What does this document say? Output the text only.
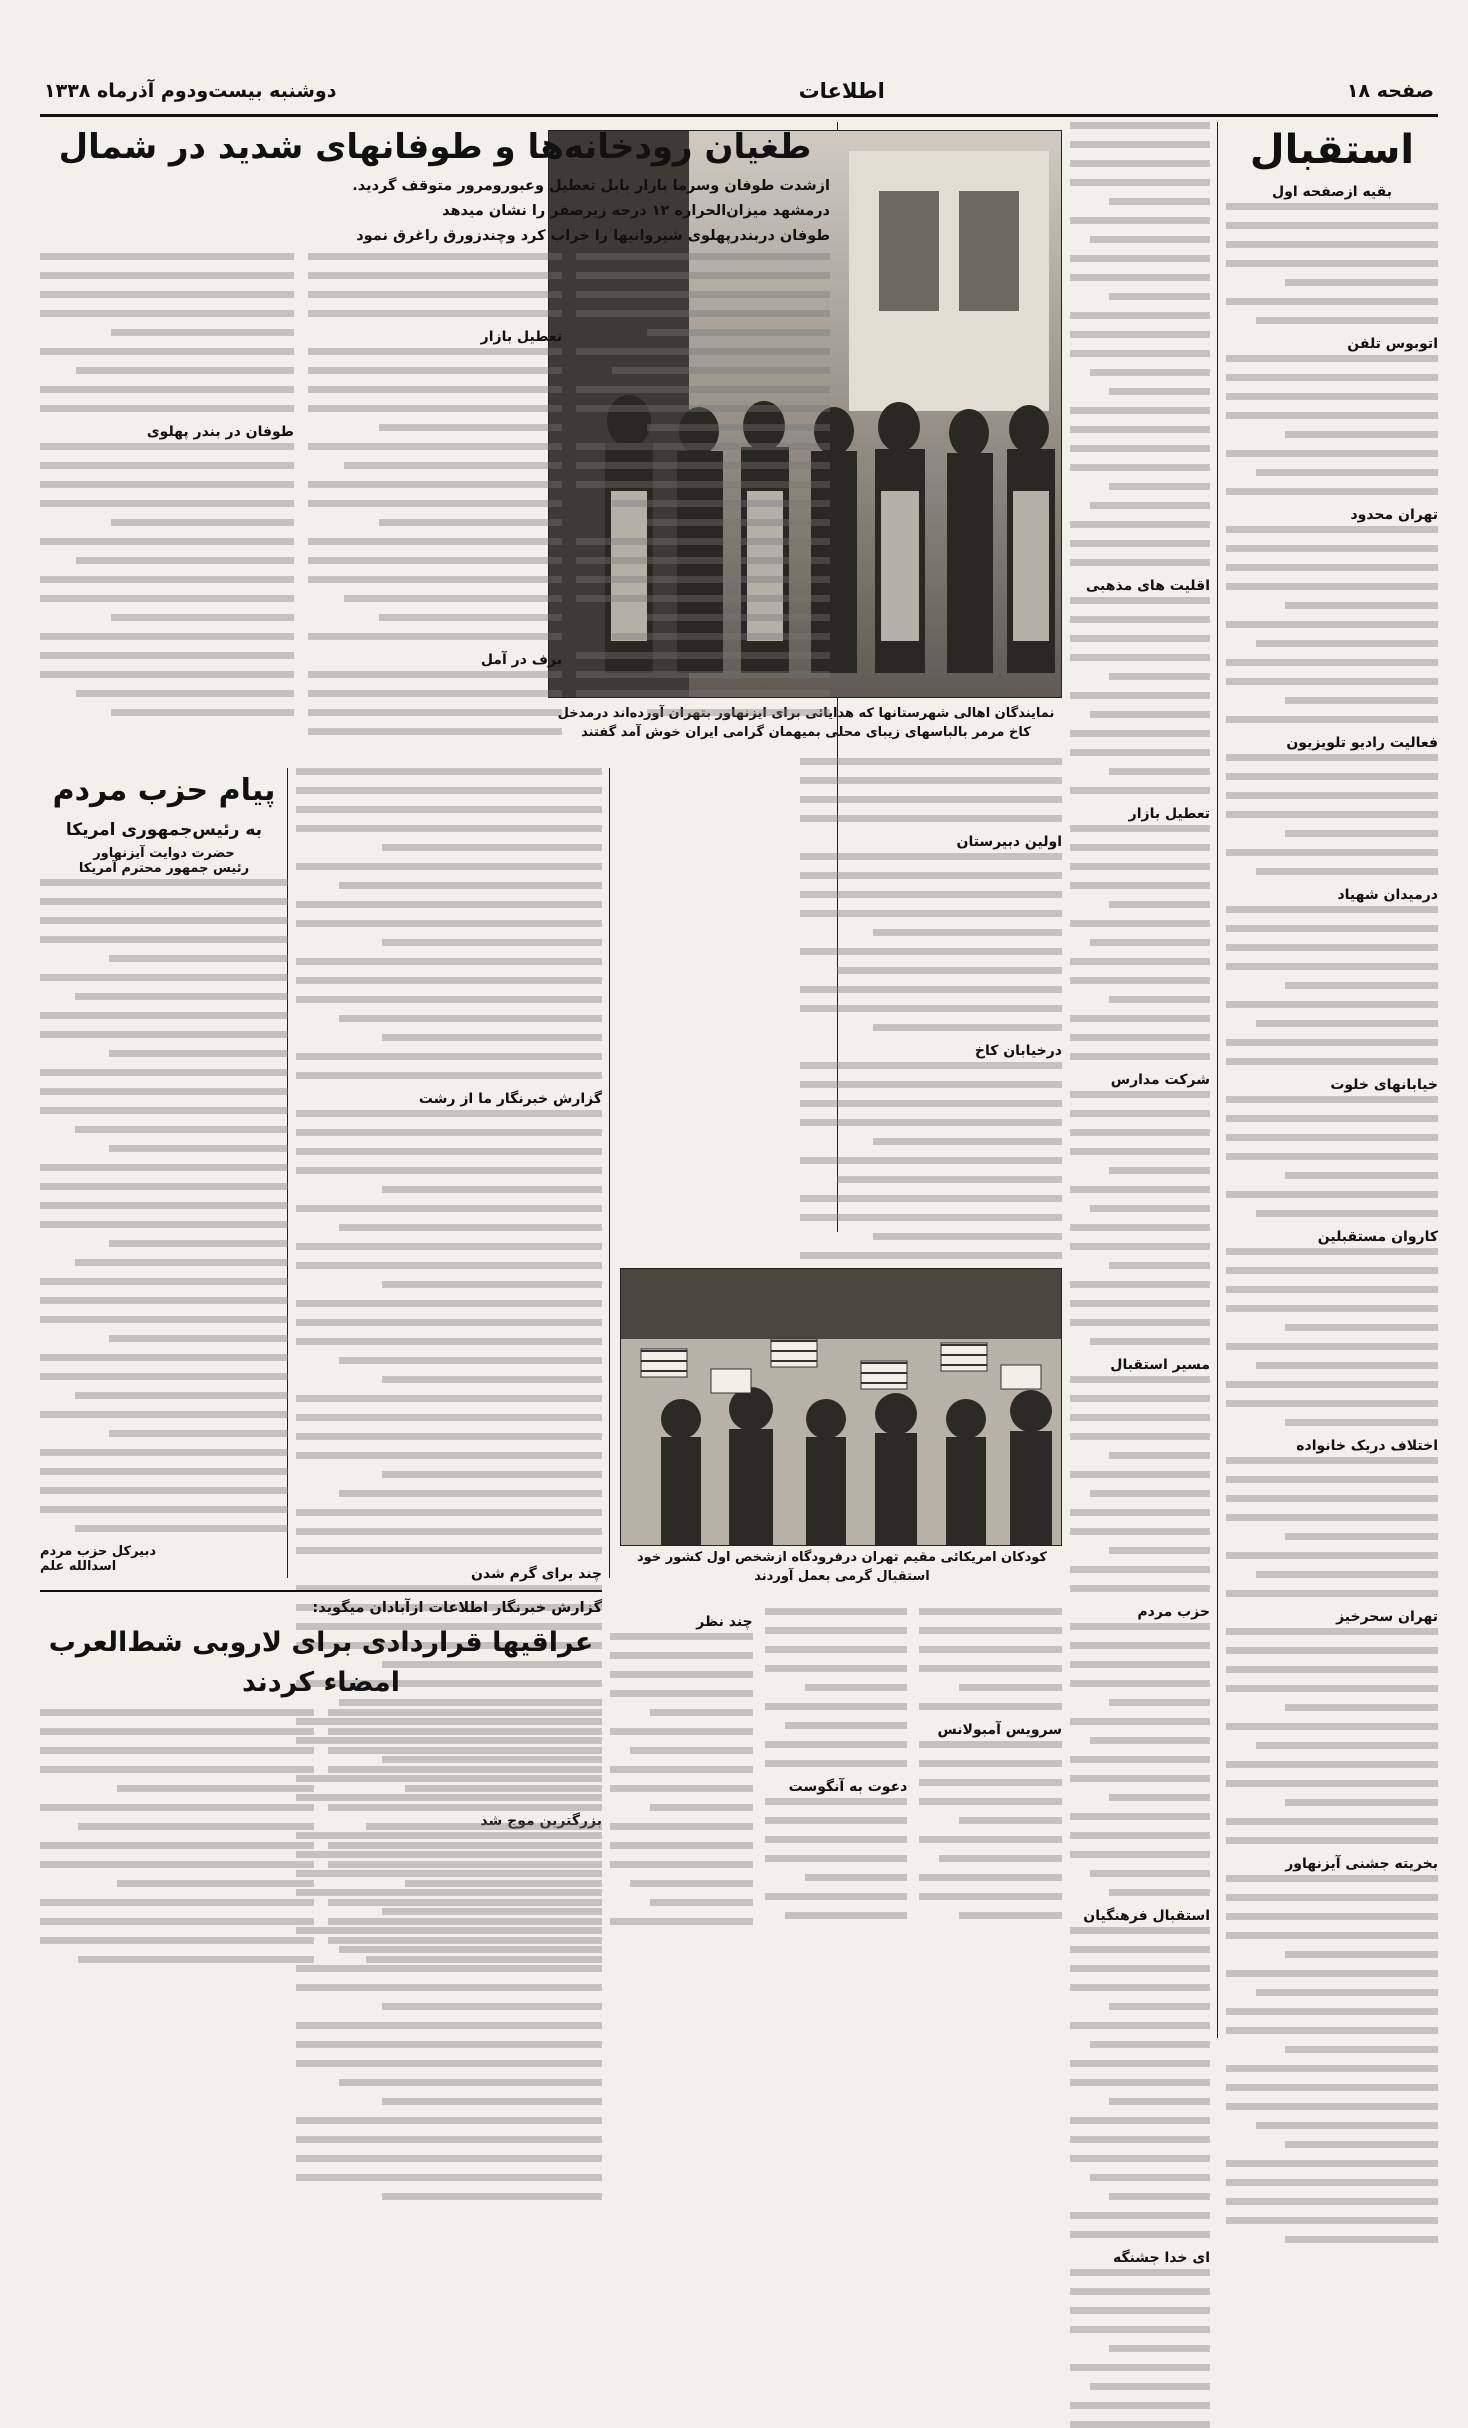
صفحه ۱۸
اطلاعات
دوشنبه بیست‌و‌دوم آذرماه ۱۳۳۸
استقبال
بقیه ازصفحه اول
اتوبوس تلفن
تهران محدود
فعالیت رادیو تلویزیون
درمیدان شهیاد
خیابانهای خلوت
کاروان مستقبلین
اختلاف دریک خانواده
تهران سحرخیز
بخریته جشنی آیزنهاور
اقلیت های مذهبی
تعطیل بازار
شرکت مدارس
مسیر استقبال
حزب مردم
استقبال فرهنگیان
ای خدا جشنگه
نمایندگان اهالی شهرستانها که هدایائی برای ایزنهاور بتهران آورده‌اند درمدخل کاخ مرمر بالباسهای زیبای محلی بمیهمان گرامی ایران خوش آمد گفتند
طغیان رودخانه‌ها و طوفانهای شدید در شمال
ازشدت طوفان وسرما بازار بابل تعطیل وعبورومرور متوقف گردید.
درمشهد میزان‌الحراره ۱۲ درجه زیرصفر را نشان میدهد
طوفان دربندرپهلوی شیروانیها را خراب کرد وچندزورق راغرق نمود
تعطیل بازار
برف در آمل
طوفان در بندر پهلوی
اولین دبیرستان
درخیابان کاخ
کودکان امریکائی مقیم تهران درفرودگاه ازشخص اول کشور خود استقبال گرمی بعمل آوردند
گزارش خبرنگار ما از رشت
چند برای گرم شدن
بزرگترین موج شد
پیام حزب مردم
به رئیس‌جمهوری امریکا
حضرت دوایت آیزنهاور
رئیس جمهور محترم آمریکا
دبیرکل حزب مردم
اسدالله علم
گزارش خبرنگار اطلاعات ازآبادان میگوید:
عراقیها قراردادی برای لاروبی شط‌العرب امضاء کردند
سرویس آمبولانس
دعوت به آنگوست
چند نظر
